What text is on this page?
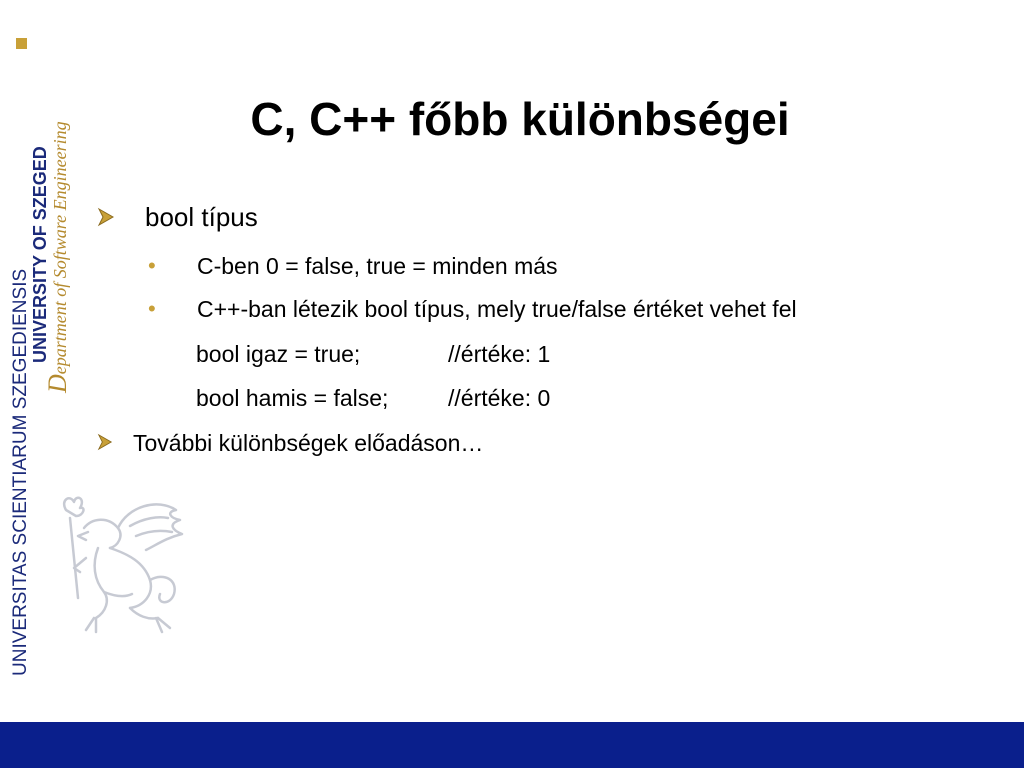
UNIVERSITAS SCIENTIARUM SZEGEDIENSIS
UNIVERSITY OF SZEGED
Department of Software Engineering
C, C++ főbb különbségei
bool típus
• C-ben 0 = false, true = minden más
• C++-ban létezik bool típus, mely true/false értéket vehet fel
bool igaz = true;	//értéke: 1
bool hamis = false;	//értéke: 0
További különbségek előadáson…
